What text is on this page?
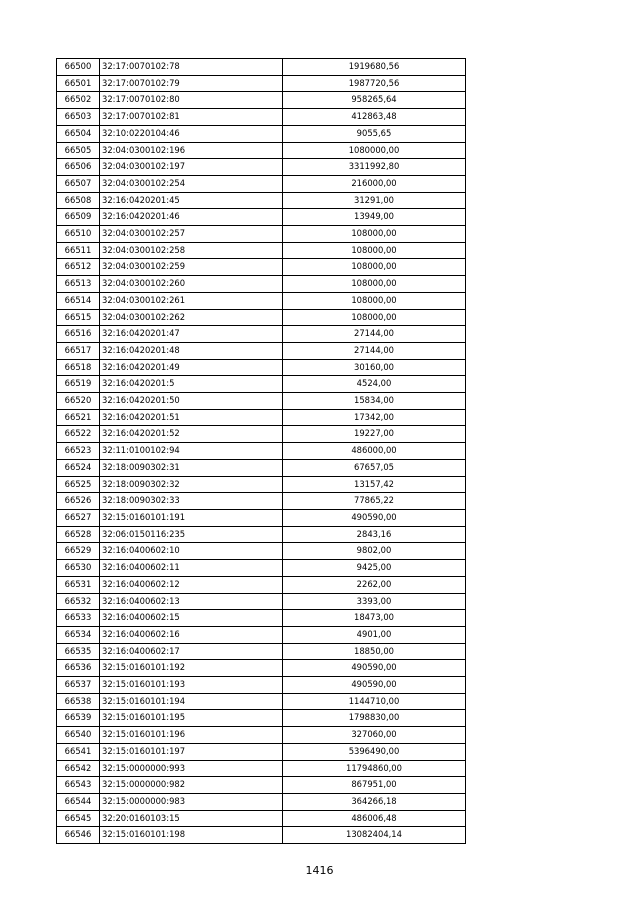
66500	32:17:0070102:78	1919680,56
66501	32:17:0070102:79	1987720,56
66502	32:17:0070102:80	958265,64
66503	32:17:0070102:81	412863,48
66504	32:10:0220104:46	9055,65
66505	32:04:0300102:196	1080000,00
66506	32:04:0300102:197	3311992,80
66507	32:04:0300102:254	216000,00
66508	32:16:0420201:45	31291,00
66509	32:16:0420201:46	13949,00
66510	32:04:0300102:257	108000,00
66511	32:04:0300102:258	108000,00
66512	32:04:0300102:259	108000,00
66513	32:04:0300102:260	108000,00
66514	32:04:0300102:261	108000,00
66515	32:04:0300102:262	108000,00
66516	32:16:0420201:47	27144,00
66517	32:16:0420201:48	27144,00
66518	32:16:0420201:49	30160,00
66519	32:16:0420201:5	4524,00
66520	32:16:0420201:50	15834,00
66521	32:16:0420201:51	17342,00
66522	32:16:0420201:52	19227,00
66523	32:11:0100102:94	486000,00
66524	32:18:0090302:31	67657,05
66525	32:18:0090302:32	13157,42
66526	32:18:0090302:33	77865,22
66527	32:15:0160101:191	490590,00
66528	32:06:0150116:235	2843,16
66529	32:16:0400602:10	9802,00
66530	32:16:0400602:11	9425,00
66531	32:16:0400602:12	2262,00
66532	32:16:0400602:13	3393,00
66533	32:16:0400602:15	18473,00
66534	32:16:0400602:16	4901,00
66535	32:16:0400602:17	18850,00
66536	32:15:0160101:192	490590,00
66537	32:15:0160101:193	490590,00
66538	32:15:0160101:194	1144710,00
66539	32:15:0160101:195	1798830,00
66540	32:15:0160101:196	327060,00
66541	32:15:0160101:197	5396490,00
66542	32:15:0000000:993	11794860,00
66543	32:15:0000000:982	867951,00
66544	32:15:0000000:983	364266,18
66545	32:20:0160103:15	486006,48
66546	32:15:0160101:198	13082404,14
1416
